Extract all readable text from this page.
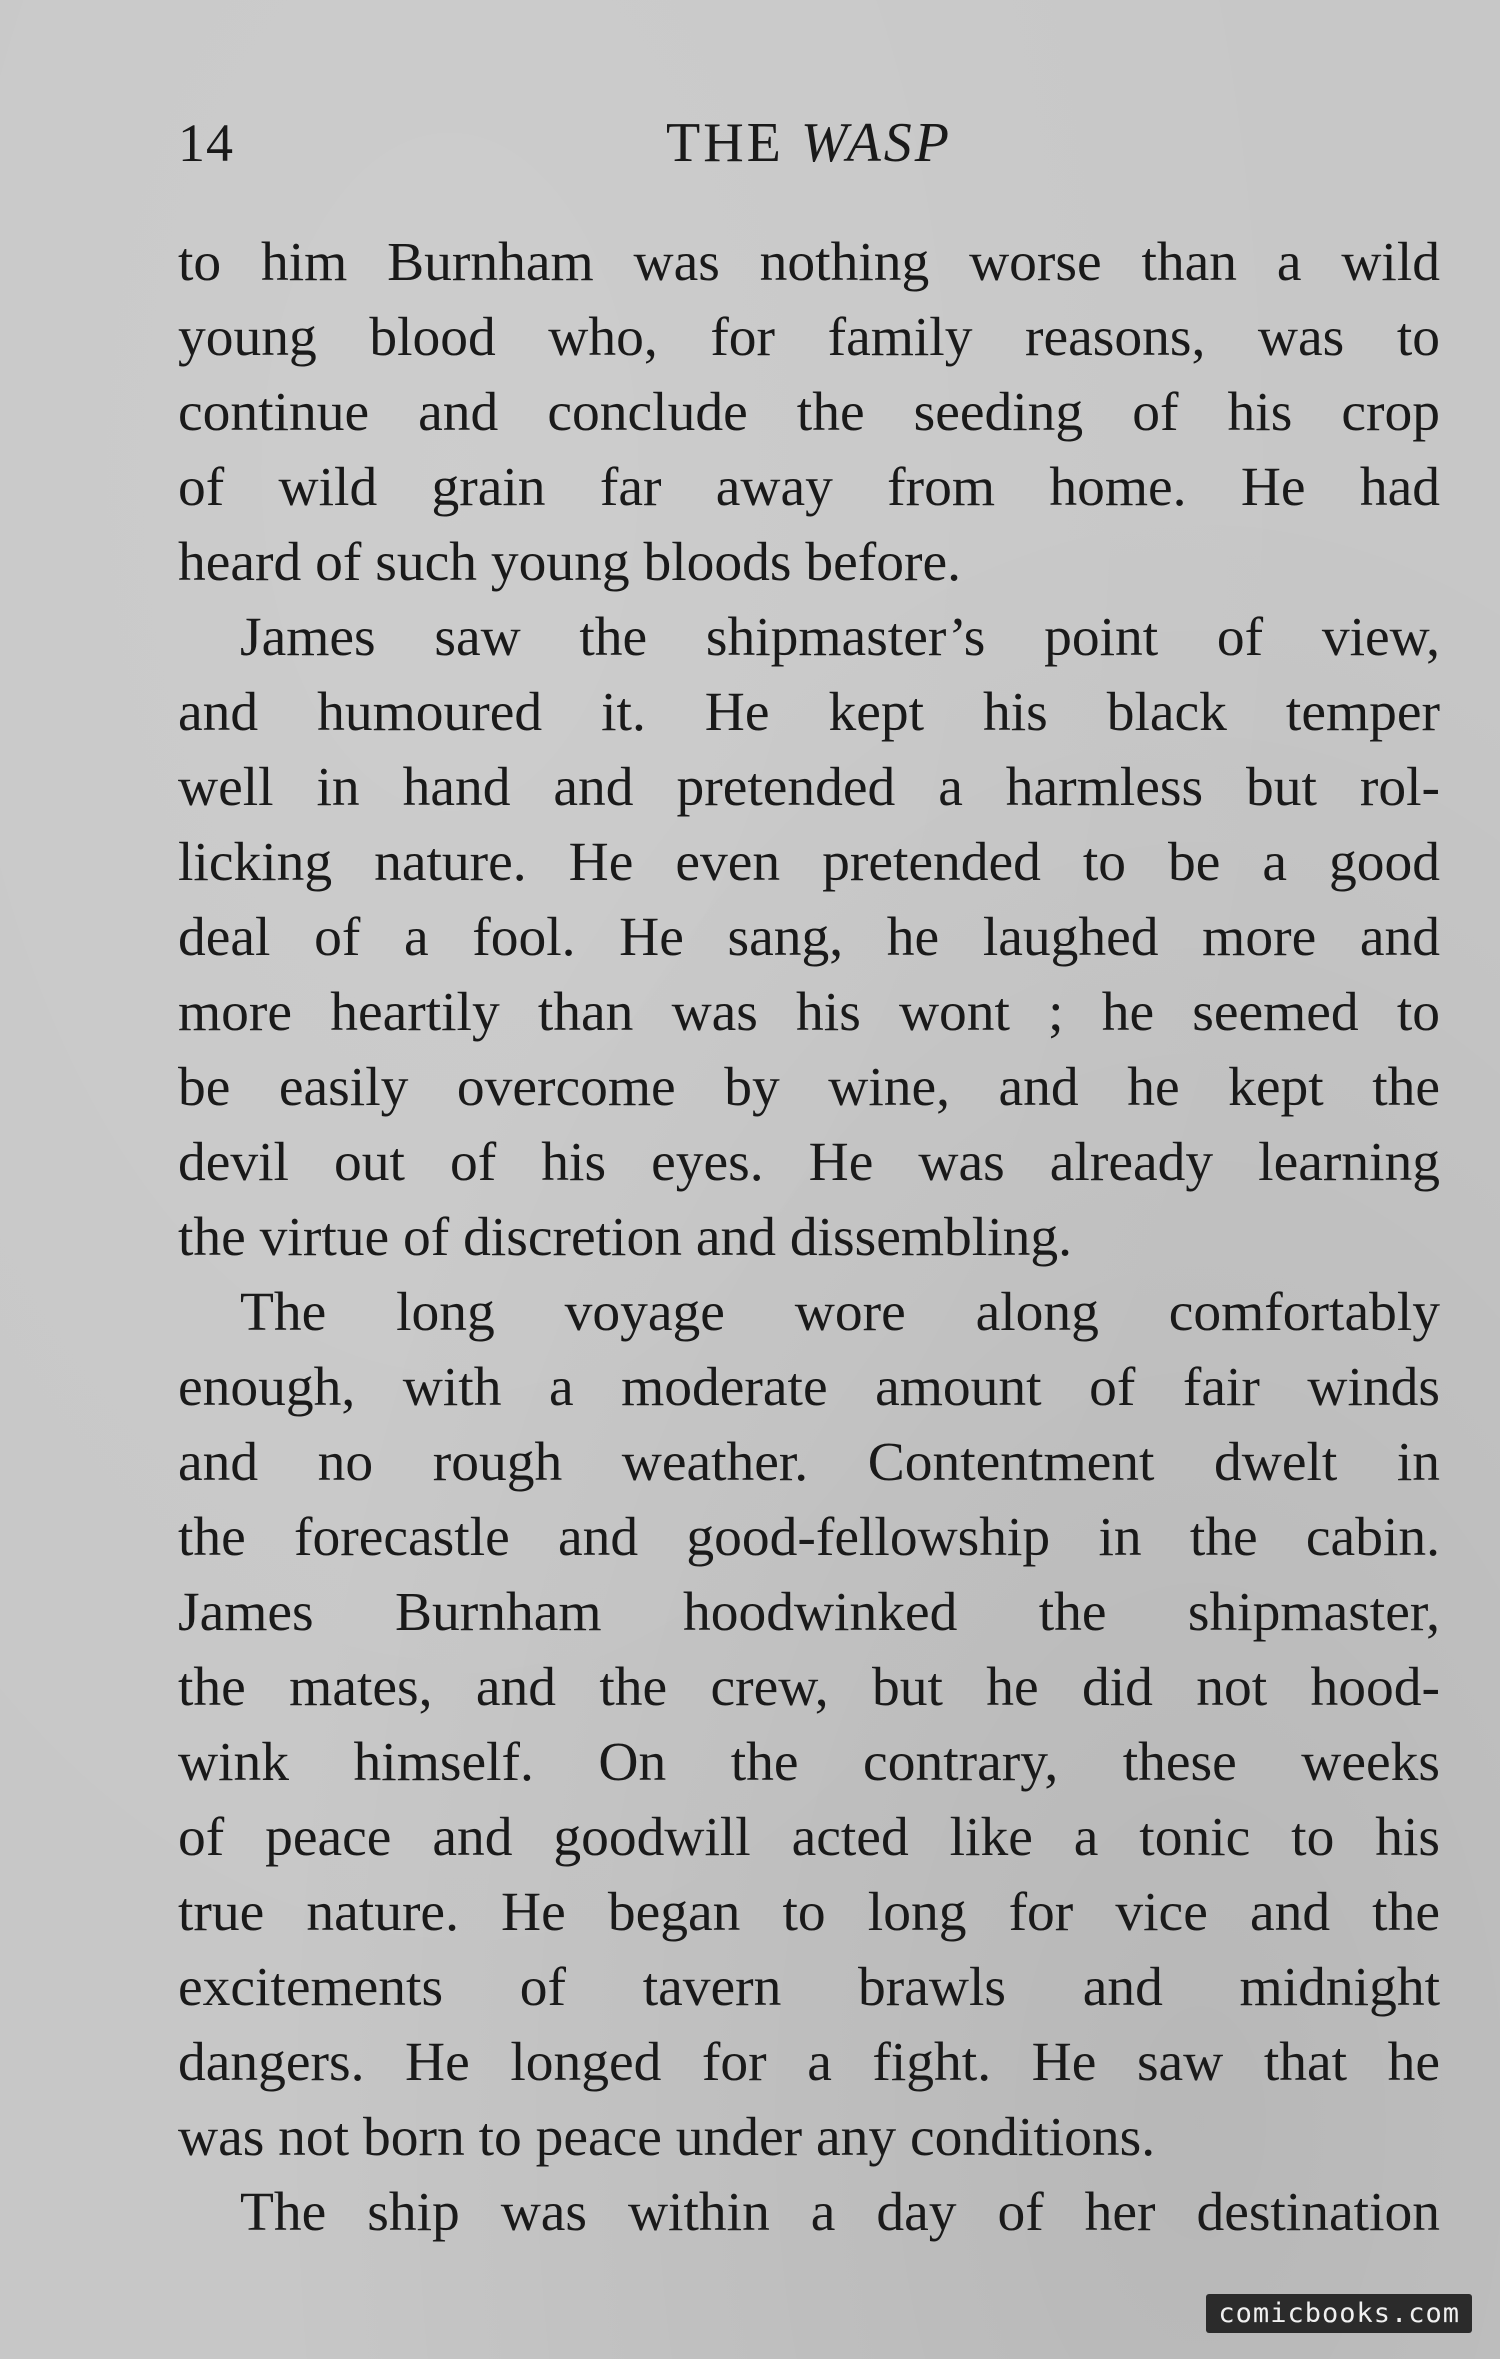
14	THE WASP
to him Burnham was nothing worse than a wild
young blood who, for family reasons, was to
continue and conclude the seeding of his crop
of wild grain far away from home. He had
heard of such young bloods before.
James saw the shipmaster’s point of view,
and humoured it. He kept his black temper
well in hand and pretended a harmless but rol-
licking nature. He even pretended to be a good
deal of a fool. He sang, he laughed more and
more heartily than was his wont ; he seemed to
be easily overcome by wine, and he kept the
devil out of his eyes. He was already learning
the virtue of discretion and dissembling.
The long voyage wore along comfortably
enough, with a moderate amount of fair winds
and no rough weather. Contentment dwelt in
the forecastle and good-fellowship in the cabin.
James Burnham hoodwinked the shipmaster,
the mates, and the crew, but he did not hood-
wink himself. On the contrary, these weeks
of peace and goodwill acted like a tonic to his
true nature. He began to long for vice and the
excitements of tavern brawls and midnight
dangers. He longed for a fight. He saw that he
was not born to peace under any conditions.
The ship was within a day of her destination
comicbooks.com
